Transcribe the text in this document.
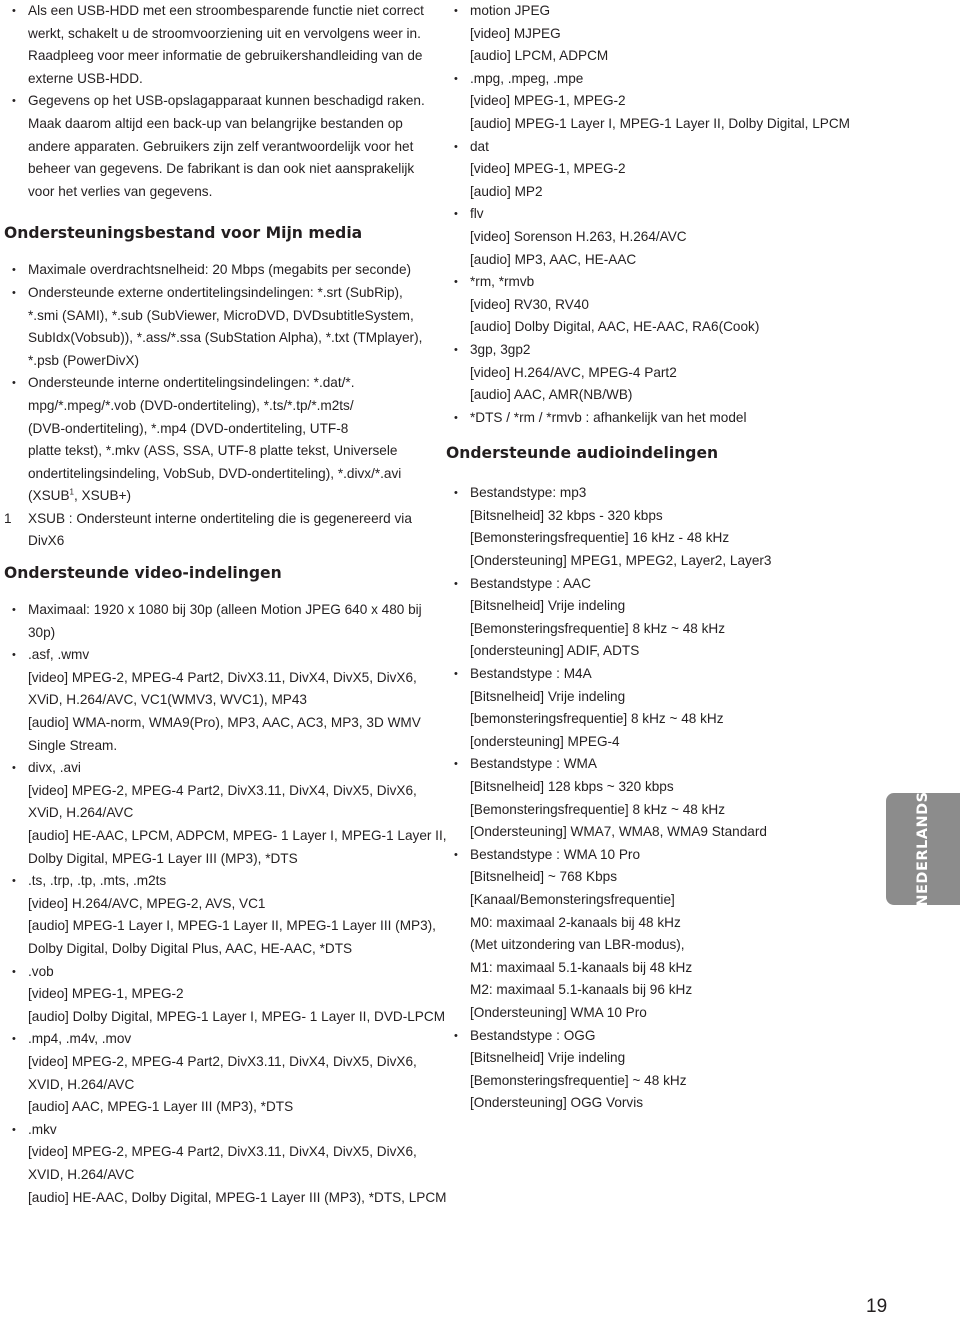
• Als een USB-HDD met een stroombesparende functie niet correct
werkt, schakelt u de stroomvoorziening uit en vervolgens weer in.
Raadpleeg voor meer informatie de gebruikershandleiding van de
externe USB-HDD.
• Gegevens op het USB-opslagapparaat kunnen beschadigd raken.
Maak daarom altijd een back-up van belangrijke bestanden op
andere apparaten. Gebruikers zijn zelf verantwoordelijk voor het
beheer van gegevens. De fabrikant is dan ook niet aansprakelijk
voor het verlies van gegevens.
Ondersteuningsbestand voor Mijn media
• Maximale overdrachtsnelheid: 20 Mbps (megabits per seconde)
• Ondersteunde externe ondertitelingsindelingen: *.srt (SubRip),
*.smi (SAMI), *.sub (SubViewer, MicroDVD, DVDsubtitleSystem,
SubIdx(Vobsub)), *.ass/*.ssa (SubStation Alpha), *.txt (TMplayer),
*.psb (PowerDivX)
• Ondersteunde interne ondertitelingsindelingen: *.dat/*.
mpg/*.mpeg/*.vob (DVD-ondertiteling), *.ts/*.tp/*.m2ts/
(DVB-ondertiteling), *.mp4 (DVD-ondertiteling, UTF-8
platte tekst), *.mkv (ASS, SSA, UTF-8 platte tekst, Universele
ondertitelingsindeling, VobSub, DVD-ondertiteling), *.divx/*.avi
(XSUB$^1$, XSUB+)
1 XSUB : Ondersteunt interne ondertiteling die is gegenereerd via
DivX6
Ondersteunde video-indelingen
• Maximaal: 1920 x 1080 bij 30p (alleen Motion JPEG 640 x 480 bij
30p)
• .asf, .wmv
[video] MPEG-2, MPEG-4 Part2, DivX3.11, DivX4, DivX5, DivX6,
XViD, H.264/AVC, VC1(WMV3, WVC1), MP43
[audio] WMA-norm, WMA9(Pro), MP3, AAC, AC3, MP3, 3D WMV
Single Stream.
• divx, .avi
[video] MPEG-2, MPEG-4 Part2, DivX3.11, DivX4, DivX5, DivX6,
XViD, H.264/AVC
[audio] HE-AAC, LPCM, ADPCM, MPEG- 1 Layer I, MPEG-1 Layer II,
Dolby Digital, MPEG-1 Layer III (MP3), *DTS
• .ts, .trp, .tp, .mts, .m2ts
[video] H.264/AVC, MPEG-2, AVS, VC1
[audio] MPEG-1 Layer I, MPEG-1 Layer II, MPEG-1 Layer III (MP3),
Dolby Digital, Dolby Digital Plus, AAC, HE-AAC, *DTS
• .vob
[video] MPEG-1, MPEG-2
[audio] Dolby Digital, MPEG-1 Layer I, MPEG- 1 Layer II, DVD-LPCM
• .mp4, .m4v, .mov
[video] MPEG-2, MPEG-4 Part2, DivX3.11, DivX4, DivX5, DivX6,
XVID, H.264/AVC
[audio] AAC, MPEG-1 Layer III (MP3), *DTS
• .mkv
[video] MPEG-2, MPEG-4 Part2, DivX3.11, DivX4, DivX5, DivX6,
XVID, H.264/AVC
[audio] HE-AAC, Dolby Digital, MPEG-1 Layer III (MP3), *DTS, LPCM
• motion JPEG
[video] MJPEG
[audio] LPCM, ADPCM
• .mpg, .mpeg, .mpe
[video] MPEG-1, MPEG-2
[audio] MPEG-1 Layer I, MPEG-1 Layer II, Dolby Digital, LPCM
• dat
[video] MPEG-1, MPEG-2
[audio] MP2
• flv
[video] Sorenson H.263, H.264/AVC
[audio] MP3, AAC, HE-AAC
• *rm, *rmvb
[video] RV30, RV40
[audio] Dolby Digital, AAC, HE-AAC, RA6(Cook)
• 3gp, 3gp2
[video] H.264/AVC, MPEG-4 Part2
[audio] AAC, AMR(NB/WB)
• *DTS / *rm / *rmvb : afhankelijk van het model
Ondersteunde audioindelingen
• Bestandstype: mp3
[Bitsnelheid] 32 kbps - 320 kbps
[Bemonsteringsfrequentie] 16 kHz - 48 kHz
[Ondersteuning] MPEG1, MPEG2, Layer2, Layer3
• Bestandstype : AAC
[Bitsnelheid] Vrije indeling
[Bemonsteringsfrequentie] 8 kHz ~ 48 kHz
[ondersteuning] ADIF, ADTS
• Bestandstype : M4A
[Bitsnelheid] Vrije indeling
[bemonsteringsfrequentie] 8 kHz ~ 48 kHz
[ondersteuning] MPEG-4
• Bestandstype : WMA
[Bitsnelheid] 128 kbps ~ 320 kbps
[Bemonsteringsfrequentie] 8 kHz ~ 48 kHz
[Ondersteuning] WMA7, WMA8, WMA9 Standard
• Bestandstype : WMA 10 Pro
[Bitsnelheid] ~ 768 Kbps
[Kanaal/Bemonsteringsfrequentie]
M0: maximaal 2-kanaals bij 48 kHz
(Met uitzondering van LBR-modus),
M1: maximaal 5.1-kanaals bij 48 kHz
M2: maximaal 5.1-kanaals bij 96 kHz
[Ondersteuning] WMA 10 Pro
• Bestandstype : OGG
[Bitsnelheid] Vrije indeling
[Bemonsteringsfrequentie] ~ 48 kHz
[Ondersteuning] OGG Vorvis
NEDERLANDS
19
